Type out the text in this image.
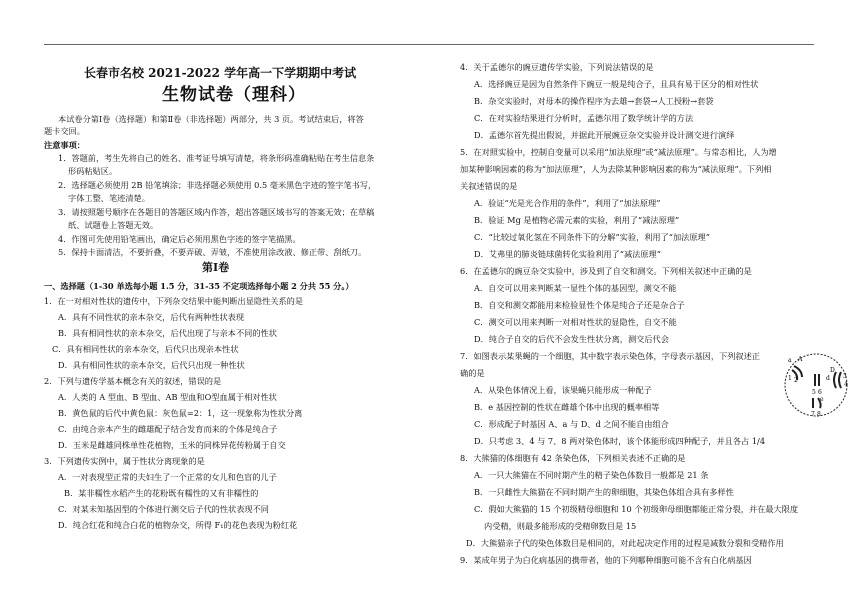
长春市名校 2021-2022 学年高一下学期期中考试
生物试卷（理科）
本试卷分第Ⅰ卷（选择题）和第Ⅱ卷（非选择题）两部分，共 3 页。考试结束后，将答
题卡交回。
注意事项：
1．答题前，考生先将自己的姓名、准考证号填写清楚，将条形码准确粘贴在考生信息条
形码粘贴区。
2．选择题必须使用 2B 铅笔填涂；非选择题必须使用 0.5 毫米黑色字迹的签字笔书写，
字体工整、笔迹清楚。
3．请按照题号顺序在各题目的答题区域内作答，超出答题区域书写的答案无效；在草稿
纸、试题卷上答题无效。
4．作图可先使用铅笔画出，确定后必须用黑色字迹的签字笔描黑。
5．保持卡面清洁，不要折叠，不要弄破、弄皱，不准使用涂改液、修正带、刮纸刀。
第Ⅰ卷
一、选择题（1-30 单选每小题 1.5 分，31-35 不定项选择每小题 2 分共 55 分。）
1．在一对相对性状的遗传中，下列杂交结果中能判断出显隐性关系的是
A．具有不同性状的亲本杂交，后代有两种性状表现
B．具有相同性状的亲本杂交，后代出现了与亲本不同的性状
C．具有相同性状的亲本杂交，后代只出现亲本性状
D．具有相同性状的亲本杂交，后代只出现一种性状
2．下列与遗传学基本概念有关的叙述，错误的是
A．人类的 A 型血、B 型血、AB 型血和O型血属于相对性状
B．黄色鼠的后代中黄色鼠：灰色鼠=2：1，这一现象称为性状分离
C．由纯合亲本产生的雌雄配子结合发育而来的个体是纯合子
D．玉米是雌雄同株单性花植物，玉米的同株异花传粉属于自交
3．下列遗传实例中，属于性状分离现象的是
A．一对表现型正常的夫妇生了一个正常的女儿和色盲的儿子
B．某非糯性水稻产生的花粉既有糯性的又有非糯性的
C．对某未知基因型的个体进行测交后子代的性状表现不同
D．纯合红花和纯合白花的植物杂交，所得 F₁的花色表现为粉红花
4．关于孟德尔的豌豆遗传学实验，下列说法错误的是
A．选择豌豆是因为自然条件下豌豆一般是纯合子，且具有易于区分的相对性状
B．杂交实验时，对母本的操作程序为去雄→套袋→人工授粉→套袋
C．在对实验结果进行分析时，孟德尔用了数学统计学的方法
D．孟德尔首先提出假说，并据此开展豌豆杂交实验并设计测交进行演绎
5．在对照实验中，控制自变量可以采用“加法原理”或“减法原理”。与常态相比，人为增
加某种影响因素的称为“加法原理”，人为去除某种影响因素的称为“减法原理”。下列相
关叙述错误的是
A．验证“光是光合作用的条件”，利用了“加法原理”
B．验证 Mg 是植物必需元素的实验，利用了“减法原理”
C．“比较过氧化氢在不同条件下的分解”实验，利用了“加法原理”
D．艾弗里的肺炎链球菌转化实验利用了“减法原理”
6．在孟德尔的豌豆杂交实验中，涉及到了自交和测交。下列相关叙述中正确的是
A．自交可以用来判断某一显性个体的基因型，测交不能
B．自交和测交都能用来检验显性个体是纯合子还是杂合子
C．测交可以用来判断一对相对性状的显隐性，自交不能
D．纯合子自交的后代不会发生性状分离，测交后代会
7．如图表示某果蝇的一个细胞，其中数字表示染色体，字母表示基因，下列叙述正
确的是
A．从染色体情况上看，该果蝇只能形成一种配子
B．e 基因控制的性状在雌雄个体中出现的概率相等
C．形成配子时基因 A、a 与 D、d 之间不能自由组合
D．只考虑 3、4 与 7、8 两对染色体时，该个体能形成四种配子，并且各占 1/4
8．大熊猫的体细胞有 42 条染色体，下列相关表述不正确的是
A．一只大熊猫在不同时期产生的精子染色体数目一般都是 21 条
B．一只雌性大熊猫在不同时期产生的卵细胞，其染色体组合具有多样性
C．假如大熊猫的 15 个初级精母细胞和 10 个初级卵母细胞都能正常分裂，并在最大限度
内受精，则最多能形成的受精卵数目是 15
D．大熊猫亲子代的染色体数目是相同的，对此起决定作用的过程是减数分裂和受精作用
9．某成年男子为白化病基因的携带者，他的下列哪种细胞可能不含有白化病基因
a A
1 2	d
D
3
4
5 6
e
7 8
